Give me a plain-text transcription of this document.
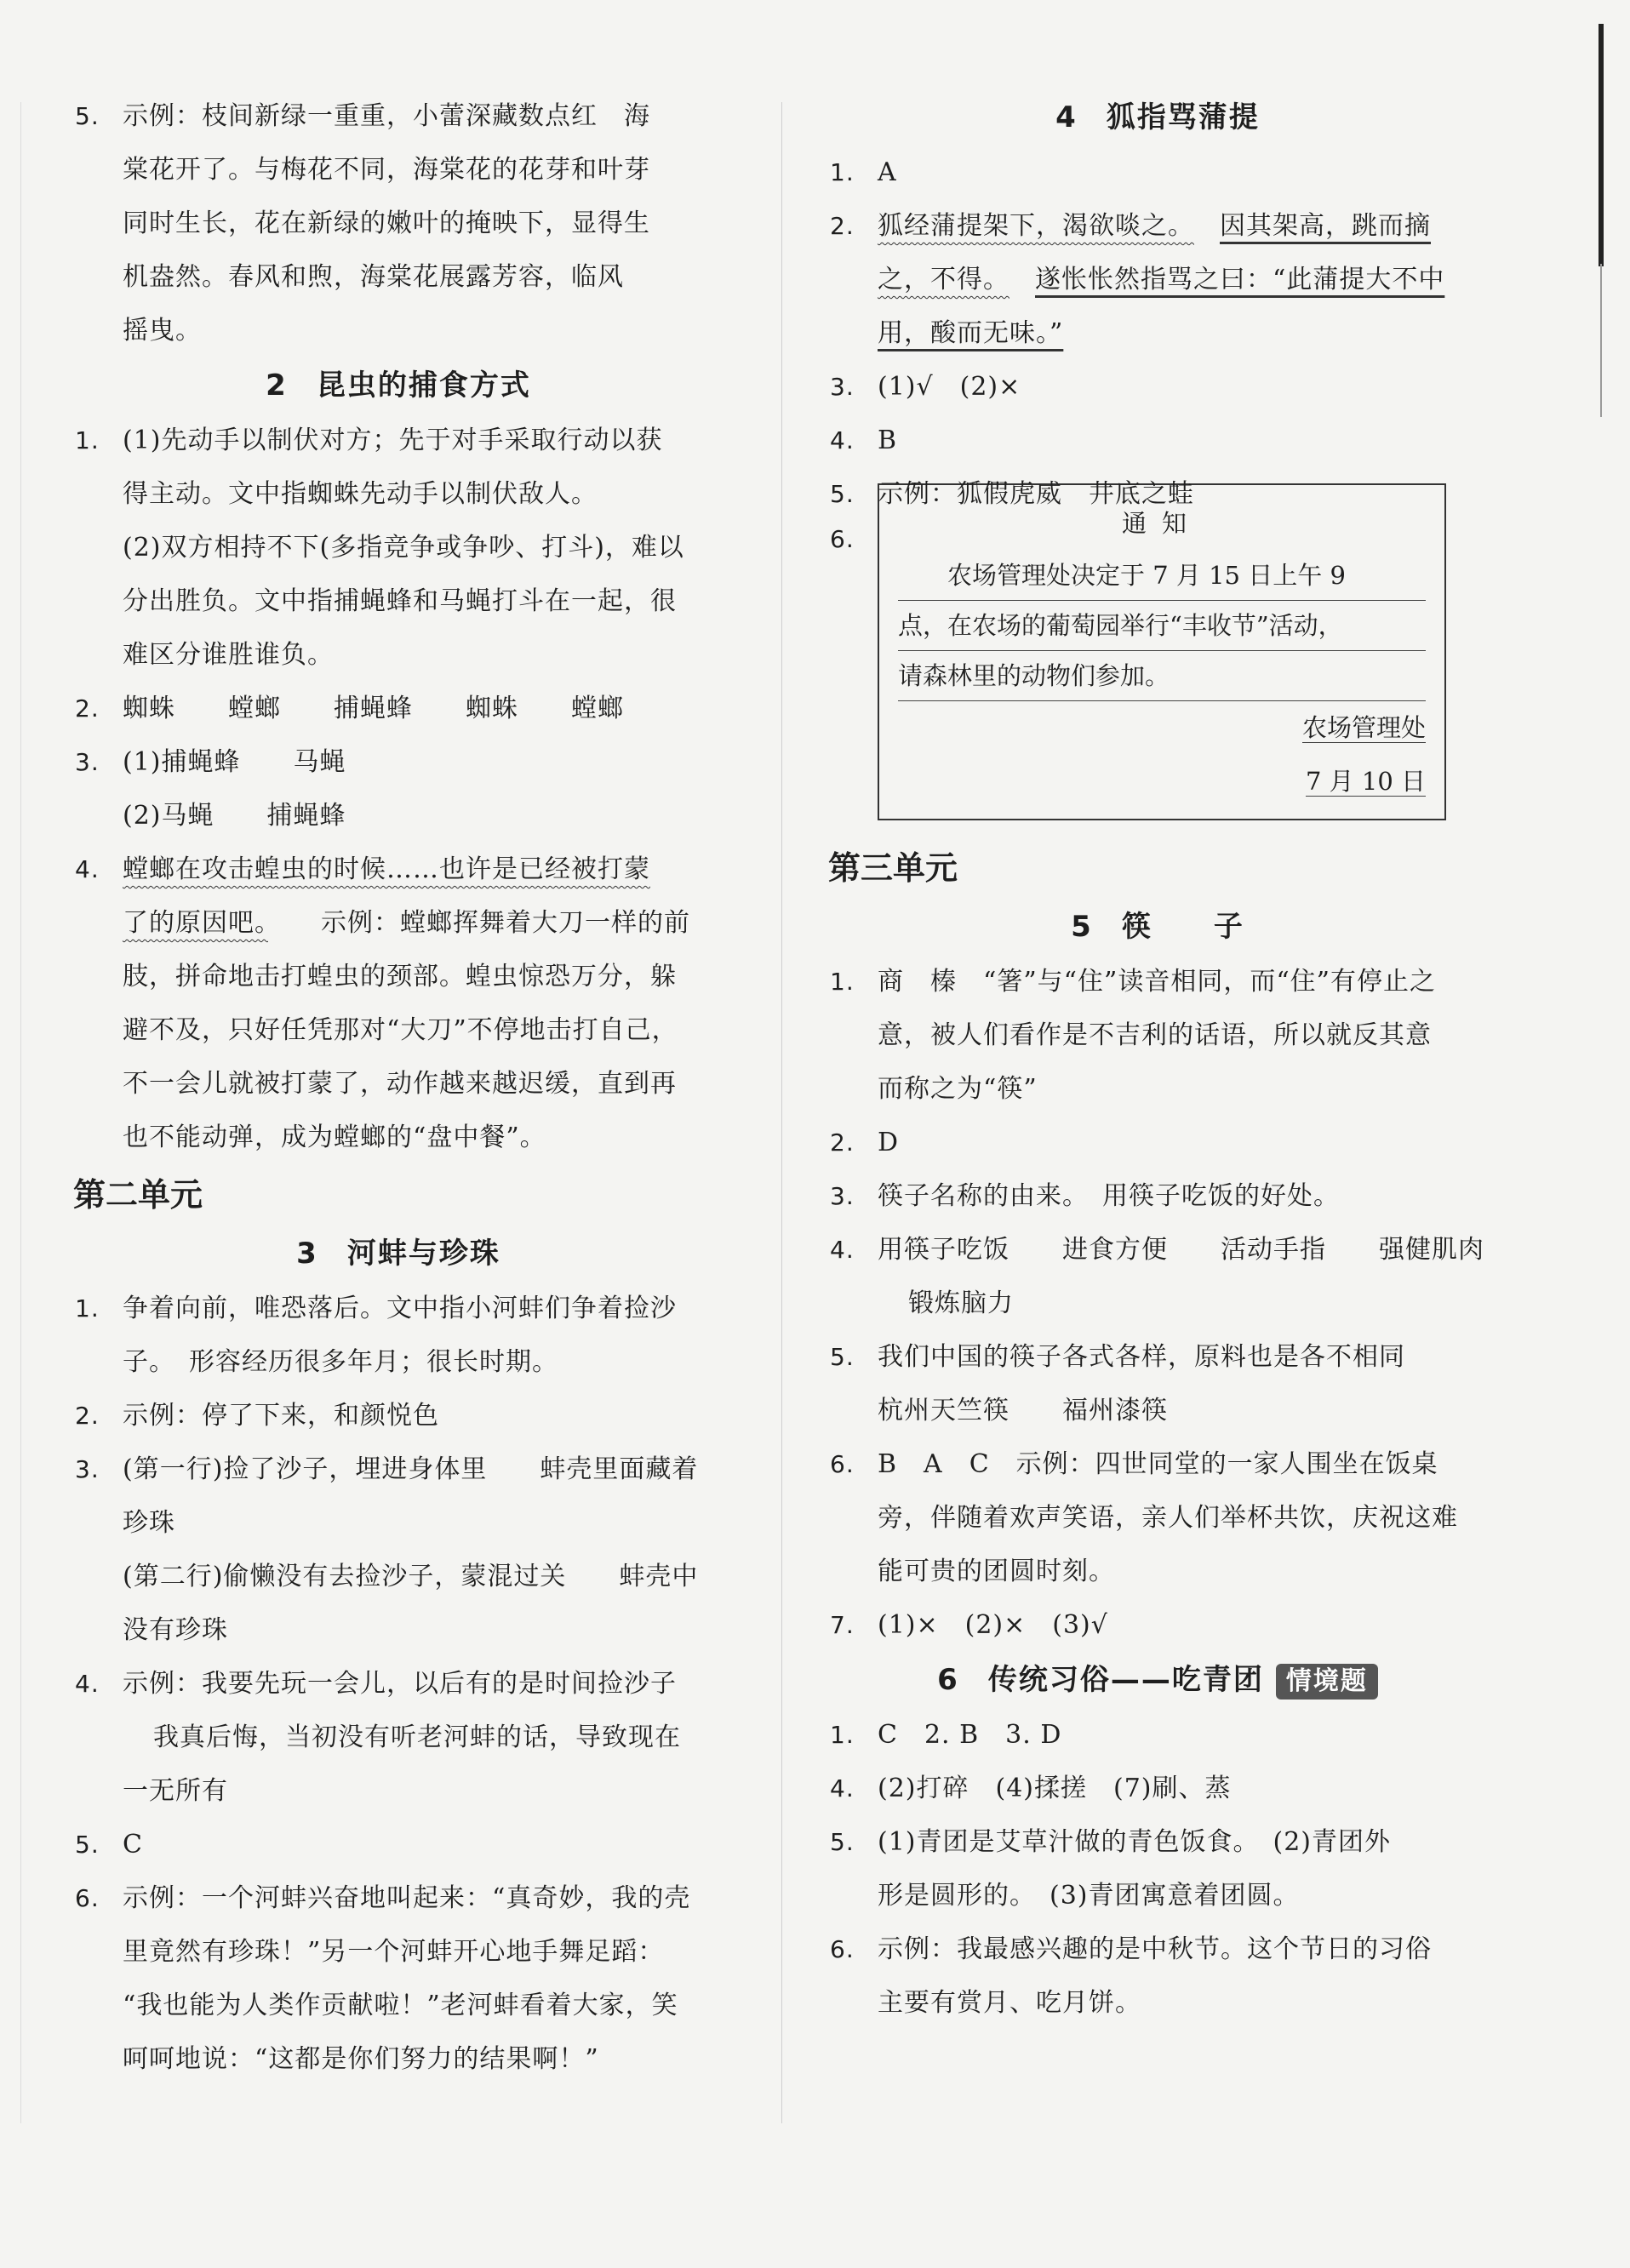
5. 示例：枝间新绿一重重，小蕾深藏数点红　海
棠花开了。与梅花不同，海棠花的花芽和叶芽
同时生长，花在新绿的嫩叶的掩映下，显得生
机盎然。春风和煦，海棠花展露芳容，临风
摇曳。
2 昆虫的捕食方式
1. (1)先动手以制伏对方；先于对手采取行动以获
得主动。文中指蜘蛛先动手以制伏敌人。
(2)双方相持不下(多指竞争或争吵、打斗)，难以
分出胜负。文中指捕蝇蜂和马蝇打斗在一起，很
难区分谁胜谁负。
2. 蜘蛛　　螳螂　　捕蝇蜂　　蜘蛛　　螳螂
3. (1)捕蝇蜂　　马蝇
(2)马蝇　　捕蝇蜂
4. 螳螂在攻击蝗虫的时候……也许是已经被打蒙
了的原因吧。　　示例：螳螂挥舞着大刀一样的前
肢，拼命地击打蝗虫的颈部。蝗虫惊恐万分，躲
避不及，只好任凭那对“大刀”不停地击打自己，
不一会儿就被打蒙了，动作越来越迟缓，直到再
也不能动弹，成为螳螂的“盘中餐”。
第二单元
3 河蚌与珍珠
1. 争着向前，唯恐落后。文中指小河蚌们争着捡沙
子。　形容经历很多年月；很长时期。
2. 示例：停了下来，和颜悦色
3. (第一行)捡了沙子，埋进身体里　　蚌壳里面藏着
珍珠
(第二行)偷懒没有去捡沙子，蒙混过关　　蚌壳中
没有珍珠
4. 示例：我要先玩一会儿，以后有的是时间捡沙子
我真后悔，当初没有听老河蚌的话，导致现在
一无所有
5. C
6. 示例：一个河蚌兴奋地叫起来：“真奇妙，我的壳
里竟然有珍珠！”另一个河蚌开心地手舞足蹈：
“我也能为人类作贡献啦！”老河蚌看着大家，笑
呵呵地说：“这都是你们努力的结果啊！”
4 狐指骂蒲提
1. A
2. 狐经蒲提架下，渴欲啖之。 因其架高，跳而摘
之，不得。 遂怅怅然指骂之曰：“此蒲提大不中
用，酸而无味。”
3. (1)√　(2)×
4. B
5. 示例：狐假虎威　井底之蛙
6.
通知
农场管理处决定于 7 月 15 日上午 9
点，在农场的葡萄园举行“丰收节”活动，
请森林里的动物们参加。
农场管理处
7 月 10 日
第三单元
5 筷　　子
1. 商　榛　“箸”与“住”读音相同，而“住”有停止之
意，被人们看作是不吉利的话语，所以就反其意
而称之为“筷”
2. D
3. 筷子名称的由来。　用筷子吃饭的好处。
4. 用筷子吃饭　　进食方便　　活动手指　　强健肌肉
锻炼脑力
5. 我们中国的筷子各式各样，原料也是各不相同
杭州天竺筷　　福州漆筷
6. B　A　C　示例：四世同堂的一家人围坐在饭桌
旁，伴随着欢声笑语，亲人们举杯共饮，庆祝这难
能可贵的团圆时刻。
7. (1)×　(2)×　(3)√
6 传统习俗——吃青团 情境题
1. C　2. B　3. D
4. (2)打碎　(4)揉搓　(7)刷、蒸
5. (1)青团是艾草汁做的青色饭食。　(2)青团外
形是圆形的。　(3)青团寓意着团圆。
6. 示例：我最感兴趣的是中秋节。这个节日的习俗
主要有赏月、吃月饼。
